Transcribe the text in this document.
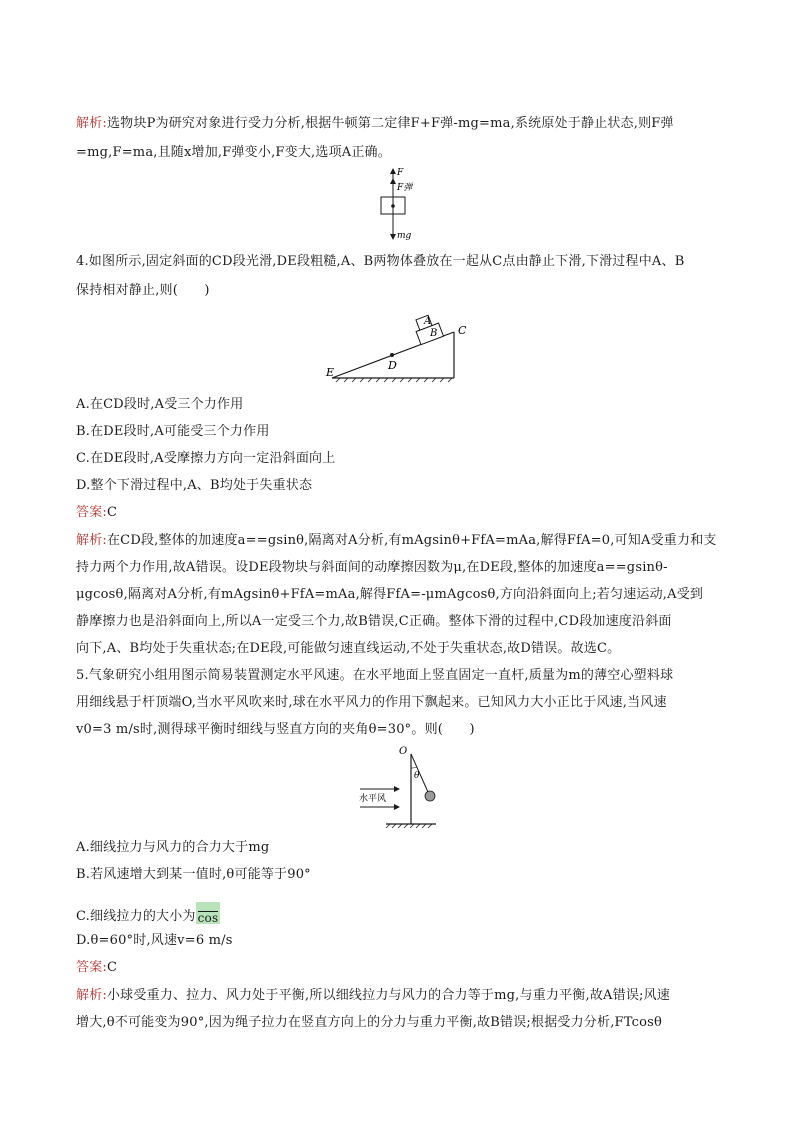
解析:选物块P为研究对象进行受力分析,根据牛顿第二定律F+F弹-mg=ma,系统原处于静止状态,则F弹
=mg,F=ma,且随x增加,F弹变小,F变大,选项A正确。
F
F弹
mg
4.如图所示,固定斜面的CD段光滑,DE段粗糙,A、B两物体叠放在一起从C点由静止下滑,下滑过程中A、B
保持相对静止,则(　　)
A
B C
D
E
A.在CD段时,A受三个力作用
B.在DE段时,A可能受三个力作用
C.在DE段时,A受摩擦力方向一定沿斜面向上
D.整个下滑过程中,A、B均处于失重状态
答案:C
解析:在CD段,整体的加速度a==gsinθ,隔离对A分析,有mAgsinθ+FfA=mAa,解得FfA=0,可知A受重力和支
持力两个力作用,故A错误。设DE段物块与斜面间的动摩擦因数为μ,在DE段,整体的加速度a==gsinθ-
μgcosθ,隔离对A分析,有mAgsinθ+FfA=mAa,解得FfA=-μmAgcosθ,方向沿斜面向上;若匀速运动,A受到
静摩擦力也是沿斜面向上,所以A一定受三个力,故B错误,C正确。整体下滑的过程中,CD段加速度沿斜面
向下,A、B均处于失重状态;在DE段,可能做匀速直线运动,不处于失重状态,故D错误。故选C。
5.气象研究小组用图示简易装置测定水平风速。在水平地面上竖直固定一直杆,质量为m的薄空心塑料球
用细线悬于杆顶端O,当水平风吹来时,球在水平风力的作用下飘起来。已知风力大小正比于风速,当风速
v0=3 m/s时,测得球平衡时细线与竖直方向的夹角θ=30°。则(　　)
O
θ
水平风
A.细线拉力与风力的合力大于mg
B.若风速增大到某一值时,θ可能等于90°
C.细线拉力的大小为 cos
D.θ=60°时,风速v=6 m/s
答案:C
解析:小球受重力、拉力、风力处于平衡,所以细线拉力与风力的合力等于mg,与重力平衡,故A错误;风速
增大,θ不可能变为90°,因为绳子拉力在竖直方向上的分力与重力平衡,故B错误;根据受力分析,FTcosθ
